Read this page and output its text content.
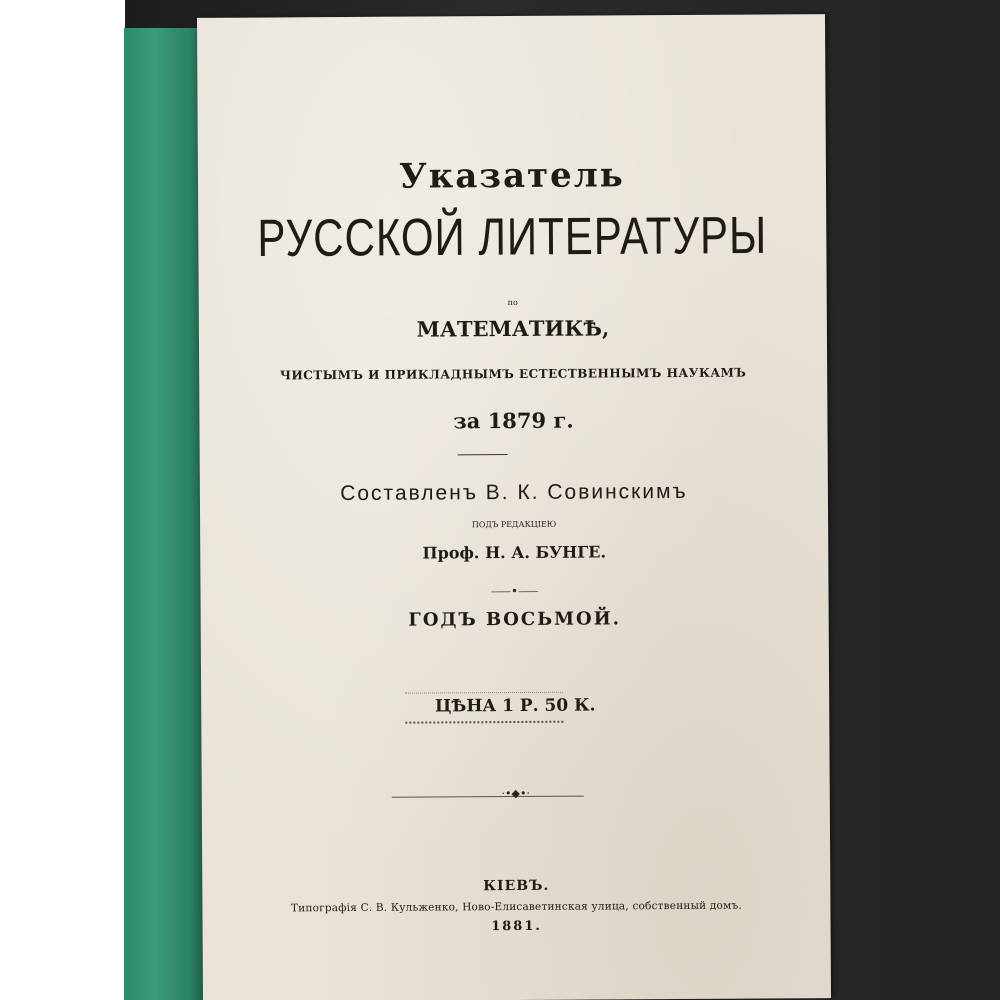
Указатель
РУССКОЙ ЛИТЕРАТУРЫ
по
МАТЕМАТИКѢ,
ЧИСТЫМЪ И ПРИКЛАДНЫМЪ ЕСТЕСТВЕННЫМЪ НАУКАМЪ
за 1879 г.
Составленъ В. К. Совинскимъ
ПОДЪ РЕДАКЦІЕЮ
Проф. Н. А. БУНГЕ.
⸺•⸺
ГОДЪ ВОСЬМОЙ.
ЦѢНА 1 Р. 50 К.
·•◆•·
КІЕВЪ.
Типографія С. В. Кульженко, Ново-Елисаветинская улица, собственный домъ.
1881.
